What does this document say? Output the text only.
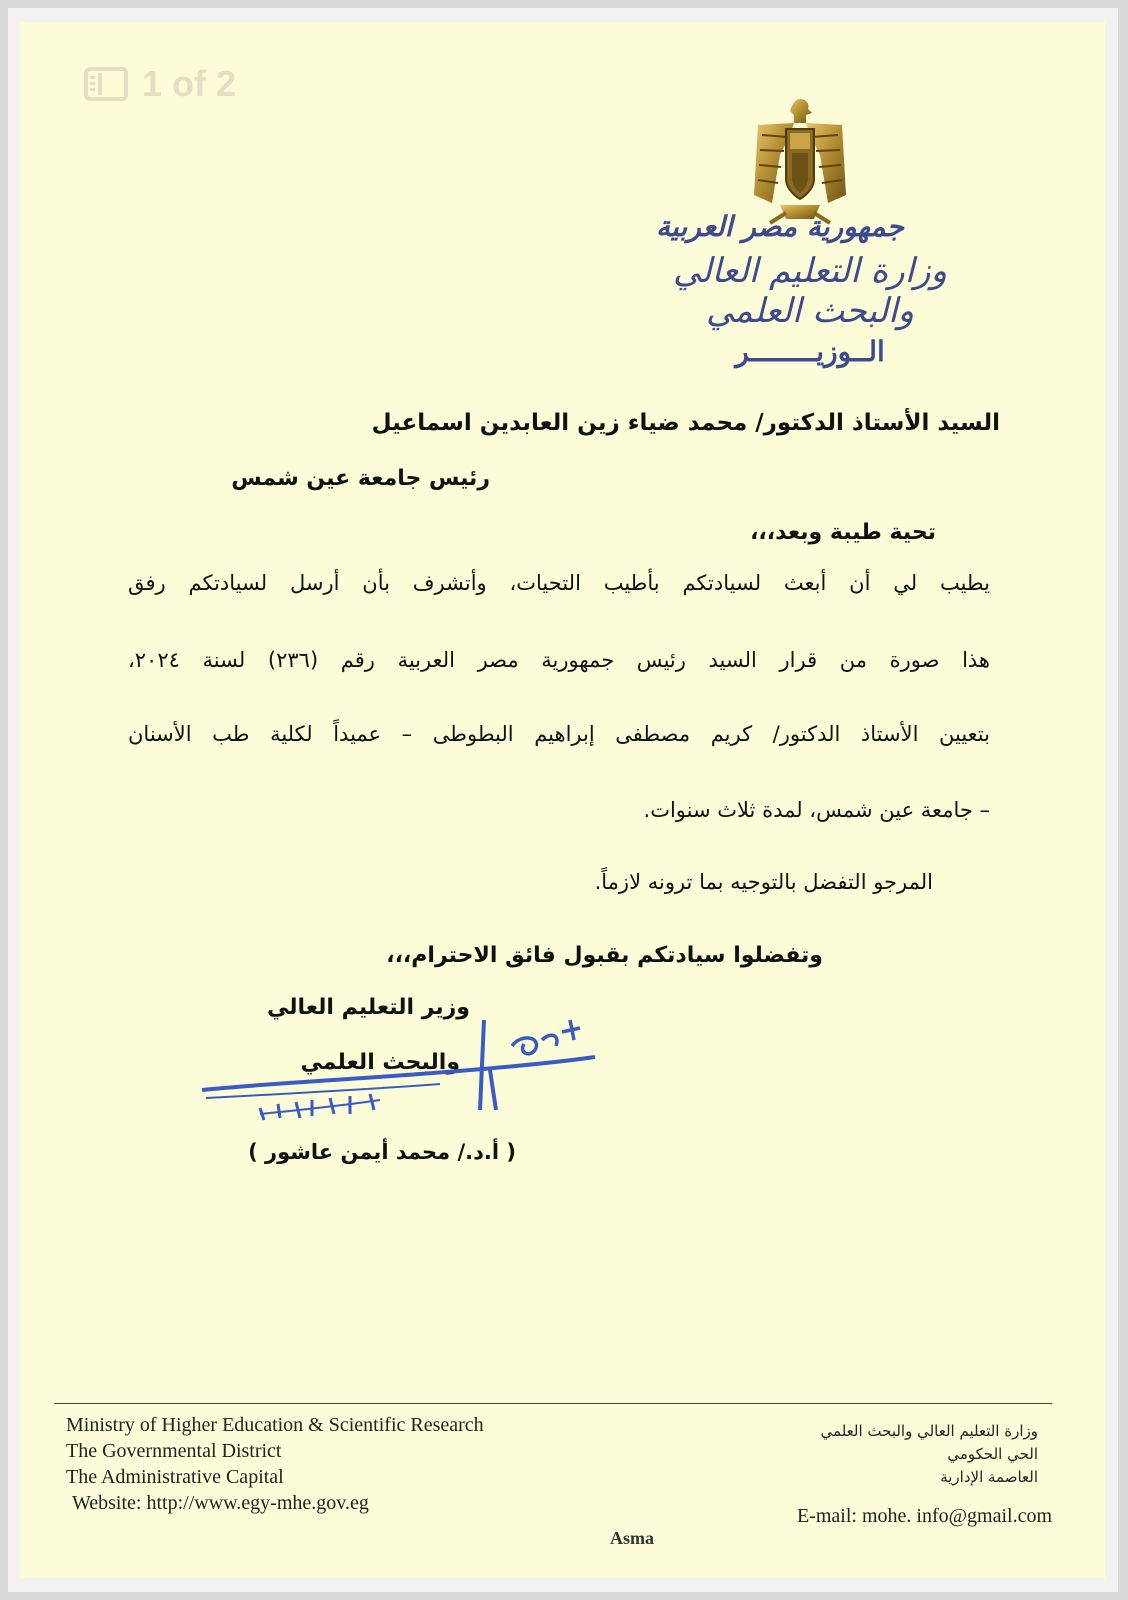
1 of 2
جمهورية مصر العربية
وزارة التعليم العالي والبحث العلمي
الــوزيــــــــر
السيد الأستاذ الدكتور/ محمد ضياء زين العابدين اسماعيل
رئيس جامعة عين شمس
تحية طيبة وبعد،،،
يطيب لي أن أبعث لسيادتكم بأطيب التحيات، وأتشرف بأن أرسل لسيادتكم رفق
هذا صورة من قرار السيد رئيس جمهورية مصر العربية رقم (٢٣٦) لسنة ٢٠٢٤،
بتعيين الأستاذ الدكتور/ كريم مصطفى إبراهيم البطوطى – عميداً لكلية طب الأسنان
– جامعة عين شمس، لمدة ثلاث سنوات.
المرجو التفضل بالتوجيه بما ترونه لازماً.
وتفضلوا سيادتكم بقبول فائق الاحترام،،،
وزير التعليم العالي
والبحث العلمي
( أ.د./ محمد أيمن عاشور )
Ministry of Higher Education & Scientific Research
The Governmental District
The Administrative Capital
Website: http://www.egy-mhe.gov.eg
وزارة التعليم العالي والبحث العلمي
الحي الحكومي
العاصمة الإدارية
E-mail: mohe. info@gmail.com
Asma
